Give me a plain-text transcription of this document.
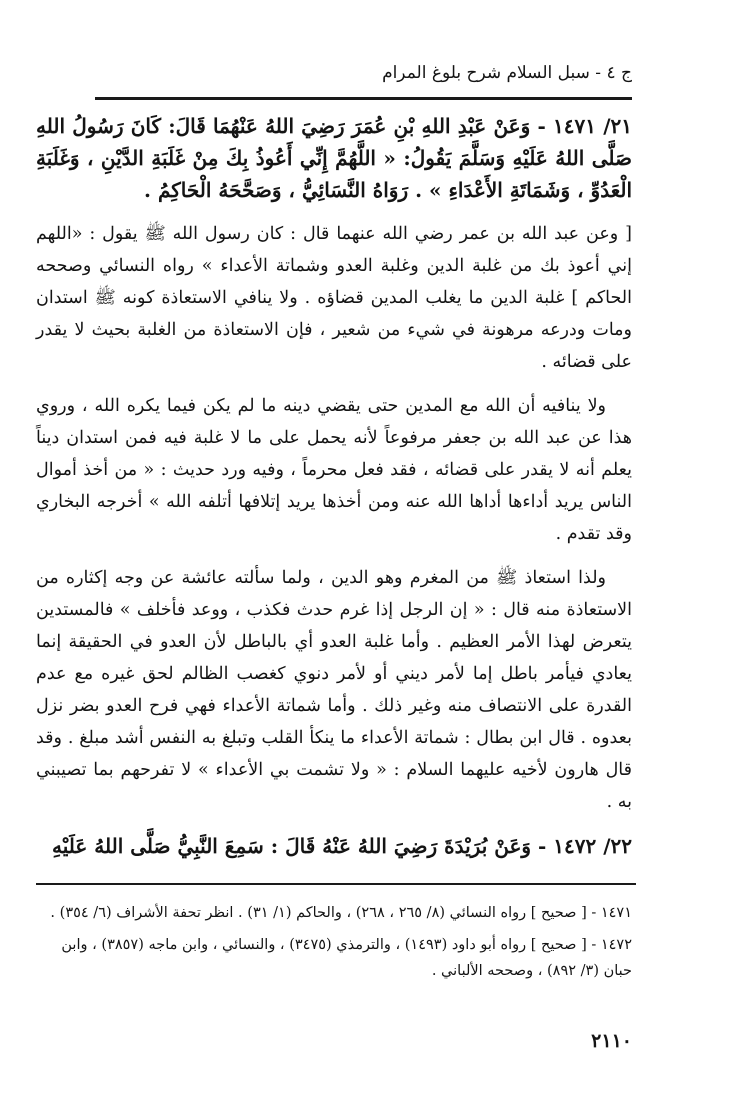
ج ٤ - سبل السلام شرح بلوغ المرام

٢١/ ١٤٧١ - وَعَنْ عَبْدِ اللهِ بْنِ عُمَرَ رَضِيَ اللهُ عَنْهُمَا قَالَ: كَانَ رَسُولُ اللهِ صَلَّى اللهُ عَلَيْهِ وَسَلَّمَ يَقُولُ: « اللَّهُمَّ إِنِّي أَعُوذُ بِكَ مِنْ غَلَبَةِ الدَّيْنِ ، وَغَلَبَةِ الْعَدُوِّ ، وَشَمَاتَةِ الأَعْدَاءِ » . رَوَاهُ النَّسَائِيُّ ، وَصَحَّحَهُ الْحَاكِمُ .

[ وعن عبد الله بن عمر رضي الله عنهما قال : كان رسول الله ﷺ يقول : «اللهم إني أعوذ بك من غلبة الدين وغلبة العدو وشماتة الأعداء » رواه النسائي وصححه الحاكم ] غلبة الدين ما يغلب المدين قضاؤه . ولا ينافي الاستعاذة كونه ﷺ استدان ومات ودرعه مرهونة في شيء من شعير ، فإن الاستعاذة من الغلبة بحيث لا يقدر على قضائه .

ولا ينافيه أن الله مع المدين حتى يقضي دينه ما لم يكن فيما يكره الله ، وروي هذا عن عبد الله بن جعفر مرفوعاً لأنه يحمل على ما لا غلبة فيه فمن استدان ديناً يعلم أنه لا يقدر على قضائه ، فقد فعل محرماً ، وفيه ورد حديث : « من أخذ أموال الناس يريد أداءها أداها الله عنه ومن أخذها يريد إتلافها أتلفه الله » أخرجه البخاري وقد تقدم .

ولذا استعاذ ﷺ من المغرم وهو الدين ، ولما سألته عائشة عن وجه إكثاره من الاستعاذة منه قال : « إن الرجل إذا غرم حدث فكذب ، ووعد فأخلف » فالمستدين يتعرض لهذا الأمر العظيم . وأما غلبة العدو أي بالباطل لأن العدو في الحقيقة إنما يعادي فيأمر باطل إما لأمر ديني أو لأمر دنوي كغصب الظالم لحق غيره مع عدم القدرة على الانتصاف منه وغير ذلك . وأما شماتة الأعداء فهي فرح العدو بضر نزل بعدوه . قال ابن بطال : شماتة الأعداء ما ينكأ القلب وتبلغ به النفس أشد مبلغ . وقد قال هارون لأخيه عليهما السلام : « ولا تشمت بي الأعداء » لا تفرحهم بما تصيبني به .

٢٢/ ١٤٧٢ - وَعَنْ بُرَيْدَةَ رَضِيَ اللهُ عَنْهُ قَالَ : سَمِعَ النَّبِيُّ صَلَّى اللهُ عَلَيْهِ

١٤٧١ - [ صحيح ] رواه النسائي (٨/ ٢٦٥ ، ٢٦٨) ، والحاكم (١/ ٣١) . انظر تحفة الأشراف (٦/ ٣٥٤) .

١٤٧٢ - [ صحيح ] رواه أبو داود (١٤٩٣) ، والترمذي (٣٤٧٥) ، والنسائي ، وابن ماجه (٣٨٥٧) ، وابن حبان (٣/ ٨٩٢) ، وصححه الألباني .

٢١١٠
